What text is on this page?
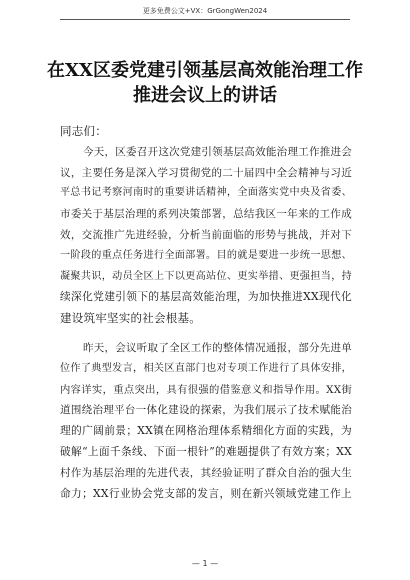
更多免费公文+VX：GrGongWen2024
在XX区委党建引领基层高效能治理工作
推进会议上的讲话
同志们：
今天，区委召开这次党建引领基层高效能治理工作推进会
议，主要任务是深入学习贯彻党的二十届四中全会精神与习近
平总书记考察河南时的重要讲话精神，全面落实党中央及省委、
市委关于基层治理的系列决策部署，总结我区一年来的工作成
效，交流推广先进经验，分析当前面临的形势与挑战，并对下
一阶段的重点任务进行全面部署。目的就是要进一步统一思想、
凝聚共识，动员全区上下以更高站位、更实举措、更强担当，持
续深化党建引领下的基层高效能治理，为加快推进XX现代化
建设筑牢坚实的社会根基。
昨天，会议听取了全区工作的整体情况通报，部分先进单
位作了典型发言，相关区直部门也对专项工作进行了具体安排，
内容详实，重点突出，具有很强的借鉴意义和指导作用。XX街
道围绕治理平台一体化建设的探索，为我们展示了技术赋能治
理的广阔前景；XX镇在网格治理体系精细化方面的实践，为
破解“上面千条线、下面一根针”的难题提供了有效方案；XX
村作为基层治理的先进代表，其经验证明了群众自治的强大生
命力；XX行业协会党支部的发言，则在新兴领域党建工作上
— 1 —
